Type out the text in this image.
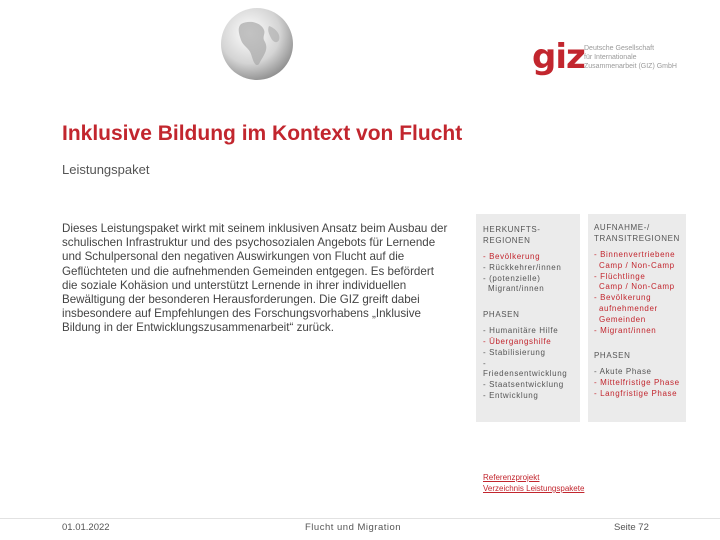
giz Deutsche Gesellschaft
für Internationale
Zusammenarbeit (GIZ) GmbH
Inklusive Bildung im Kontext von Flucht
Leistungspaket
Dieses Leistungspaket wirkt mit seinem inklusiven Ansatz beim Ausbau der schulischen Infrastruktur und des psychosozialen Angebots für Lernende und Schulpersonal den negativen Auswirkungen von Flucht auf die Geflüchteten und die aufnehmenden Gemeinden entgegen. Es befördert die soziale Kohäsion und unterstützt Lernende in ihrer individuellen Bewältigung der besonderen Herausforderungen. Die GIZ greift dabei insbesondere auf Empfehlungen des Forschungsvorhabens „Inklusive Bildung in der Entwicklungszusammenarbeit“ zurück.
HERKUNFTS-
REGIONEN
- Bevölkerung
- Rückkehrer/innen
- (potenzielle)
Migrant/innen
PHASEN
- Humanitäre Hilfe
- Übergangshilfe
- Stabilisierung
- Friedensentwicklung
- Staatsentwicklung
- Entwicklung
AUFNAHME-/
TRANSITREGIONEN
- Binnenvertriebene
Camp / Non-Camp
- Flüchtlinge
Camp / Non-Camp
- Bevölkerung
aufnehmender
Gemeinden
- Migrant/innen
PHASEN
- Akute Phase
- Mittelfristige Phase
- Langfristige Phase
Referenzprojekt
Verzeichnis Leistungspakete
01.01.2022	Flucht und Migration	Seite 72
